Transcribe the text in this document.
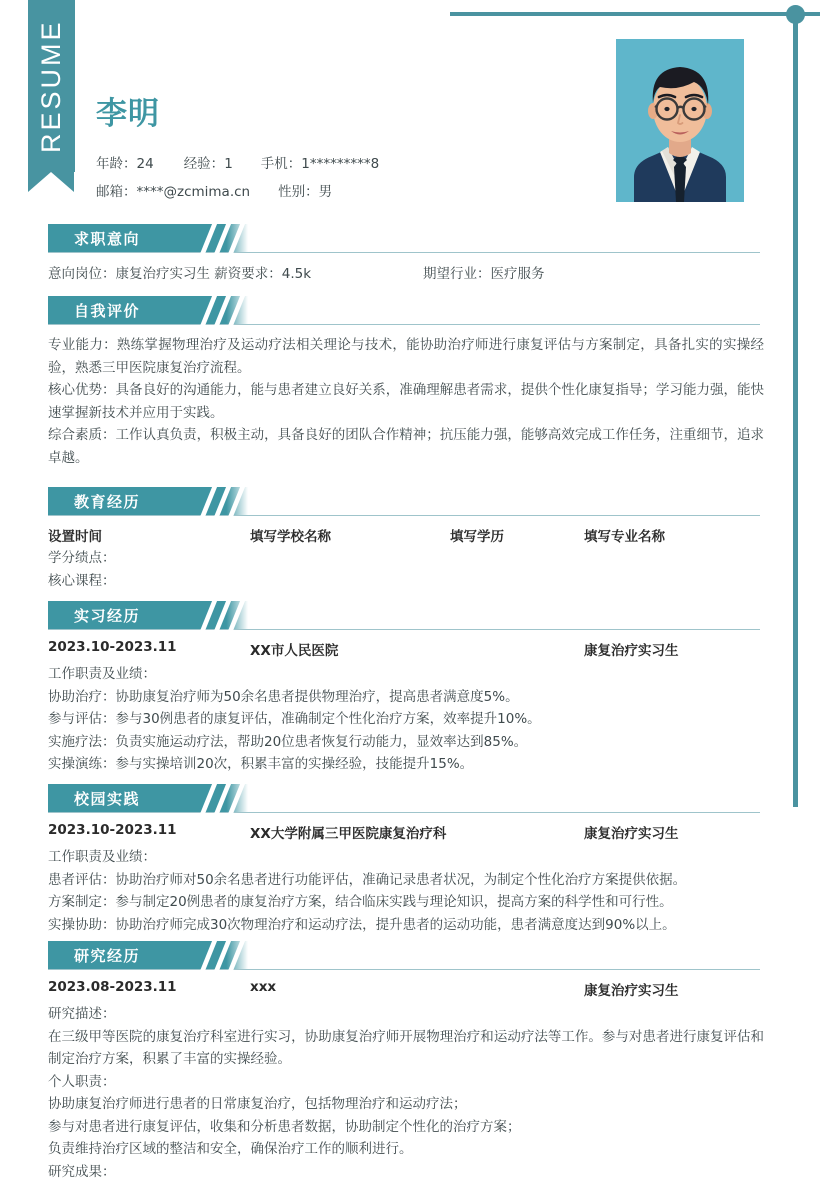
RESUME 李明
年龄：24 经验：1 手机：1*********8
邮箱：****@zcmima.cn 性别：男
求职意向
意向岗位：康复治疗实习生 薪资要求：4.5k	期望行业：医疗服务
自我评价
专业能力：熟练掌握物理治疗及运动疗法相关理论与技术，能协助治疗师进行康复评估与方案制定，具备扎实的实操经验，熟悉三甲医院康复治疗流程。
核心优势：具备良好的沟通能力，能与患者建立良好关系，准确理解患者需求，提供个性化康复指导；学习能力强，能快速掌握新技术并应用于实践。
综合素质：工作认真负责，积极主动，具备良好的团队合作精神；抗压能力强，能够高效完成工作任务，注重细节，追求卓越。
教育经历
设置时间	填写学校名称	填写学历	填写专业名称
学分绩点：
核心课程：
实习经历
2023.10-2023.11	XX市人民医院	康复治疗实习生
工作职责及业绩：
协助治疗：协助康复治疗师为50余名患者提供物理治疗，提高患者满意度5%。
参与评估：参与30例患者的康复评估，准确制定个性化治疗方案，效率提升10%。
实施疗法：负责实施运动疗法，帮助20位患者恢复行动能力，显效率达到85%。
实操演练：参与实操培训20次，积累丰富的实操经验，技能提升15%。
校园实践
2023.10-2023.11	XX大学附属三甲医院康复治疗科	康复治疗实习生
工作职责及业绩：
患者评估：协助治疗师对50余名患者进行功能评估，准确记录患者状况，为制定个性化治疗方案提供依据。
方案制定：参与制定20例患者的康复治疗方案，结合临床实践与理论知识，提高方案的科学性和可行性。
实操协助：协助治疗师完成30次物理治疗和运动疗法，提升患者的运动功能，患者满意度达到90%以上。
研究经历
2023.08-2023.11	xxx	康复治疗实习生
研究描述：
在三级甲等医院的康复治疗科室进行实习，协助康复治疗师开展物理治疗和运动疗法等工作。参与对患者进行康复评估和制定治疗方案，积累了丰富的实操经验。
个人职责：
协助康复治疗师进行患者的日常康复治疗，包括物理治疗和运动疗法；
参与对患者进行康复评估，收集和分析患者数据，协助制定个性化的治疗方案；
负责维持治疗区域的整洁和安全，确保治疗工作的顺利进行。
研究成果：
